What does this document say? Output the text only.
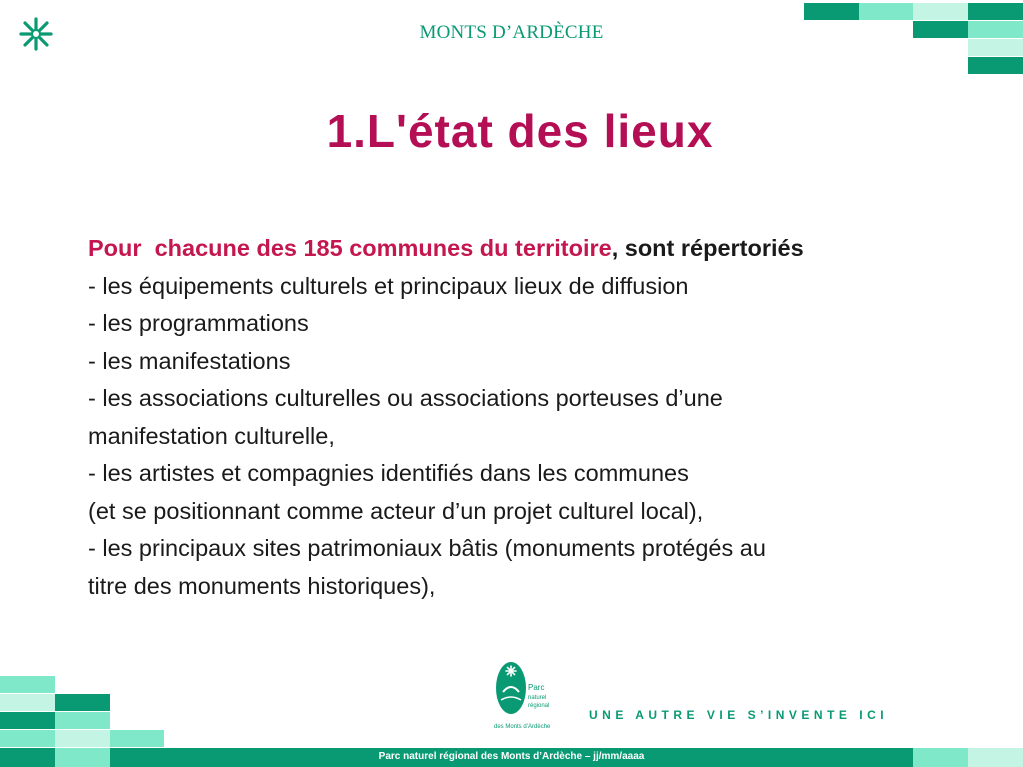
MONTS D’ARDÈCHE
1.L'état des lieux

Pour  chacune des 185 communes du territoire, sont répertoriés

- les équipements culturels et principaux lieux de diffusion

- les programmations

- les manifestations

- les associations culturelles ou associations porteuses d’une

manifestation culturelle,

- les artistes et compagnies identifiés dans les communes

(et se positionnant comme acteur d’un projet culturel local),

- les principaux sites patrimoniaux bâtis (monuments protégés au

titre des monuments historiques),

Parc
naturel
régional
des Monts d’Ardèche
UNE AUTRE VIE S’INVENTE ICI
Parc naturel régional des Monts d’Ardèche – jj/mm/aaaa
